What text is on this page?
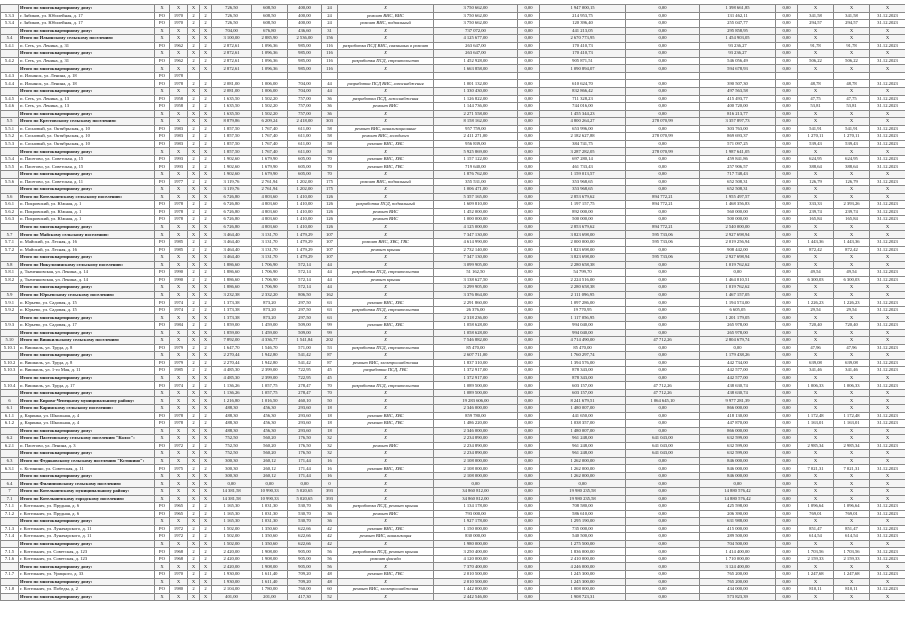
	Итого по многоквартирному дому:	X	X	X	X	726,50	608,50	400,00	24	X	3 750 662,00	0,00	1 947 000,15	0,00	1 398 661,85	0,00	X	X	X
5.3.3	г. Зябиков, ул. Юбилейная, д. 17	РО	1970	2	2	726,50	608,50	400,00	24	ремонт ВИС, ВИС	3 750 662,00	0,00	214 953,75	0,00	131 462,11	0,00	341,58	341,58	31.12.2023
5.3.4	г. Зябиков, ул. Юбилейная, д. 17	РО	1970	2	2	726,50	608,50	400,00	24	ремонт ВИС, подвальный	3 750 662,00	0,00	120 396,40	0,00	255 047,77	0,00	294,57	294,57	31.12.2023
	Итого по многоквартирному дому:	X	X	X	X	704,00	676,80	436,60	31	X	737 072,00	0,00	441 213,05	0,00	295 858,95	0,00	X	X	X
5.4	Итого по Ильинскому сельскому поселению:	X	X	X	X	3 100,00	2 885,90	2 536,00	156	X	4 125 677,00	0,00	2 670 773,95	0,00	1 454 903,05	0,00	X	X	X
5.4.1	п. Сеть, ул. Ленина, д. 31	РО	1962	2	2	2 872,61	1 096,36	985,00	116	разработка ПСД ВИС, связанных в ремонт	263 647,00	0,00	170 410,73	0,00	93 236,27	0,00	91,78	91,78	31.12.2023
	Итого по многоквартирному дому:	X	X	X	X	2 872,61	1 096,36	985,00	116	X	263 647,00	0,00	170 410,73	0,00	93 236,27	0,00	X	X	X
5.4.2	п. Сеть, ул. Ленина, д. 31	РО	1962	2	2	2 872,61	1 096,36	985,00	116	разработка ПСД, строительство	1 452 928,00	0,00	905 871,51	0,00	546 056,49	0,00	506,22	506,22	31.12.2023
	Итого по многоквартирному дому:	X	X	X	X	2 872,61	1 096,36	985,00	116	X	1 663 858,00	0,00	1 090 894,07	0,00	594 678,93	0,00	X	X	X
5.4.3	п. Ильинск, ул. Ленина, д. 18	РО	1978																
5.4.4	п. Ильинск, ул. Ленина, д. 18	РО	1978	2	2	2 081,00	1 006,00	704,00	44	разработка ПСД ВИС, газоснабжения	1 001 132,00	0,00	610 624,70	0,00	390 507,30	0,00	48,78	48,78	31.12.2023
	Итого по многоквартирному дому:	X	X	X	X	2 081,00	1 006,00	704,00	44	X	1 330 430,00	0,00	832 866,42	0,00	497 563,58	0,00	X	X	X
5.4.5	п. Сеть, ул. Ленина, д. 13	РО	1958	2	2	1 635,50	1 502,20	757,00	36	разработка ПСД, газоснабжения	1 126 822,00	0,00	711 328,23	0,00	415 493,77	0,00	47,75	47,75	31.12.2023
5.4.6	п. Сеть, ул. Ленина, д. 13	РО	1958	2	2	1 635,50	1 502,20	757,00	36	ремонт ВИС	1 144 736,00	0,00	744 016,00	0,00	400 720,00	0,00	53,81	53,81	31.12.2023
	Итого по многоквартирному дому:	X	X	X	X	1 635,50	1 502,20	757,00	36	X	2 271 558,00	0,00	1 455 344,23	0,00	816 213,77	0,00	X	X	X
5.5	Итого по Крестовскому сельскому поселению:	X	X	X	X	8 879,86	6 209,24	2 418,00	303	X	8 158 162,00	0,00	4 800 264,27	278 070,99	3 357 897,73	0,00	X	X	X
5.5.1	п. Сосновый, ул. Октябрьская, д. 10	РО	1983	2	2	1 857,50	1 767,40	611,00	58	ремонт ВИС, канализационные	957 759,00	0,00	653 996,00	0,00	303 763,00	0,00	541,91	541,91	31.12.2023
5.5.2	п. Сосновый, ул. Октябрьская, д. 10	РО	1983	2	2	1 857,50	1 767,40	611,00	58	ремонт ВИС, холодного	2 411 271,00	0,00	2 182 627,88	278 070,99	869 693,37	0,00	1 270,11	1 270,11	31.12.2023
5.5.3	п. Сосновый, ул. Октябрьская, д. 10	РО	1983	2	2	1 857,50	1 767,40	611,00	58	ремонт ВИС, ХВС	956 839,00	0,00	384 741,75	0,00	571 097,25	0,00	539,43	539,43	31.12.2023
	Итого по многоквартирному дому:	X	X	X	X	1 857,50	1 767,40	611,00	58	X	5 925 869,00	0,00	3 287 282,05	278 070,99	1 987 641,05	0,00	X	X	X
5.5.4	п. Пасегово, ул. Советская, д. 15	РО	1993	2	2	1 902,60	1 679,90	605,00	70	ремонт ВИС, ХВС	1 157 122,00	0,00	697 280,14	0,00	459 841,86	0,00	624,95	624,95	31.12.2023
5.5.5	п. Пасегово, ул. Советская, д. 15	РО	1993	2	2	1 902,60	1 679,90	605,00	70	ремонт ВИС, ГВС	719 640,00	0,00	461 733,43	0,00	257 906,57	0,00	388,64	388,64	31.12.2023
	Итого по многоквартирному дому:	X	X	X	X	1 902,60	1 679,90	605,00	70	X	1 876 762,00	0,00	1 159 013,57	0,00	717 748,43	0,00	X	X	X
5.5.6	п. Пасегово, ул. Советская, д. 11	РО	1977	2	2	3 119,76	2 761,94	1 202,00	175	ремонт ВИС, подвальный	355 531,00	0,00	353 968,65	0,00	652 508,31	0,00	126,79	126,79	31.12.2023
	Итого по многоквартирному дому:	X	X	X	X	3 119,76	2 761,94	1 202,00	175	X	1 006 471,00	0,00	353 968,65	0,00	652 508,31	0,00	X	X	X
5.6	Итого по Котельничскому сельскому поселению:	X	X	X	X	6 726,80	4 803,60	1 410,00	126	X	5 357 165,00	0,00	2 853 679,62	894 772,21	1 955 497,57	0,00	X	X	X
5.6.1	п. Покровский, ул. Южная, д. 1	РО	1978	2	2	6 726,80	4 803,60	1 410,00	126	разработка ПСД, подвальный	1 609 810,00	0,00	1 197 157,75	894 772,21	1 468 356,83	0,00	333,33	2 393,26	31.12.2023
5.6.2	п. Покровский, ул. Южная, д. 1	РО	1978	2	2	6 726,80	4 803,60	1 410,00	126	ремонт ВИС	1 452 000,00	0,00	892 000,00	0,00	560 000,00	0,00	239,74	239,74	31.12.2023
5.6.3	п. Покровский, ул. Южная, д. 1	РО	1978	2	2	6 726,80	4 803,60	1 410,00	126	ремонт ВИС	1 000 000,00	0,00	500 000,00	0,00	500 000,00	0,00	165,84	165,84	31.12.2023
	Итого по многоквартирному дому:	X	X	X	X	6 726,80	4 803,60	1 410,00	126	X	4 125 000,00	0,00	2 853 679,62	894 772,21	2 540 000,00	0,00	X	X	X
5.7	Итого по Майскому сельскому поселению:	X	X	X	X	3 464,40	3 131,70	1 479,29	107	X	7 347 130,00	0,00	3 823 698,00	595 733,06	2 927 698,94	0,00	X	X	X
5.7.1	п. Майский, ул. Лесная, д. 16	РО	1985	2	2	3 464,40	3 131,70	1 479,29	107	ремонт ВИС, ХВС, ГВС	4 614 990,00	0,00	2 000 000,00	595 733,06	2 019 256,94	0,00	1 443,36	1 443,36	31.12.2023
5.7.2	п. Майский, ул. Лесная, д. 16	РО	1985	2	2	3 464,40	3 131,70	1 479,29	107	ремонт крыши	2 732 140,00	0,00	1 823 698,00	0,00	908 442,00	0,00	872,42	872,42	31.12.2023
	Итого по многоквартирному дому:	X	X	X	X	3 464,40	3 131,70	1 479,29	107	X	7 347 130,00	0,00	3 823 698,00	595 733,06	2 927 698,94	0,00	X	X	X
5.8	Итого по Никульчинскому сельскому поселению:	X	X	X	X	1 886,60	1 706,90	572,14	44	X	3 099 905,00	0,00	2 280 658,38	0,00	1 019 762,62	0,00	X	X	X
5.8.1	д. Ткаченковская, ул. Ленина, д. 14	РО	1990	2	2	1 886,60	1 706,90	572,14	44	разработка ПСД, строительства	51 162,50	0,00	54 799,70	0,00	0,00	0,00	49,54	49,54	31.12.2023
5.8.2	д. Ткаченковская, ул. Ленина, д. 14	РО	1990	2	2	1 886,60	1 706,90	572,14	44	ремонт крыши	3 138 627,50	0,00	2 224 516,00	0,00	1 464 010,51	0,00	6 300,03	6 300,03	31.12.2023
	Итого по многоквартирному дому:	X	X	X	X	1 886,60	1 706,90	572,14	44	X	3 299 905,00	0,00	2 280 658,38	0,00	1 019 762,62	0,00	X	X	X
5.9	Итого по Юрьевскому сельскому поселению:	X	X	X	X	3 232,38	2 332,20	806,50	162	X	3 376 864,00	0,00	2 111 096,95	0,00	1 467 157,05	0,00	X	X	X
5.9.1	п. Юрьево, ул. Садовая, д. 15	РО	1974	2	2	1 373,38	873,20	297,50	63	ремонт ВИС, ХВС	2 291 860,00	0,00	1 097 286,00	0,00	1 194 574,00	0,00	1 226,23	1 226,23	31.12.2023
5.9.2	п. Юрьево, ул. Садовая, д. 15	РО	1974	2	2	1 373,38	873,20	297,50	63	разработка ПСД, строительства	26 376,00	0,00	19 770,95	0,00	6 605,05	0,00	29,54	29,54	31.12.2023
	Итого по многоквартирному дому:	X	X	X	X	1 373,38	873,20	297,50	63	X	2 318 236,00	0,00	1 117 056,95	0,00	1 201 179,05	0,00	X	X	X
5.9.3	п. Юрьево, ул. Садовая, д. 17	РО	1984	2	2	1 859,00	1 459,00	509,00	99	ремонт ВИС, ХВС	1 058 628,00	0,00	994 040,00	0,00	265 978,00	0,00	720,40	720,40	31.12.2023
	Итого по многоквартирному дому:	X	X	X	X	1 859,00	1 459,00	509,00	99	X	1 058 628,00	0,00	994 040,00	0,00	265 978,00	0,00	X	X	X
5.10	Итого по Вишкильскому сельскому поселению:	X	X	X	X	7 892,00	4 336,77	1 541,84	202	X	7 546 882,00	0,00	4 714 490,00	47 712,26	2 804 679,74	0,00	X	X	X
5.10.1	п. Вишкиль, ул. Труда, д. 8	РО	1979	2	2	1 647,70	1 546,70	571,00	53	разработка ПСД, строительства	85 470,00	0,00	85 470,00	0,00	0,00	0,00	47,96	47,96	31.12.2023
	Итого по многоквартирному дому:	X	X	X	X	2 270,44	1 942,80	541,42	87	X	2 607 711,00	0,00	1 760 297,74	0,00	1 179 438,26	0,00	X	X	X
5.10.2	п. Вишкиль, ул. Труда, д. 8	РО	1979	2	2	2 270,44	1 942,80	541,42	87	ремонт ВИС, электроснабжения	1 837 310,00	0,00	1 394 576,00	0,00	442 734,00	0,00	639,08	639,08	31.12.2023
5.10.3	п. Вишкиль, ул. 1-го Мая, д. 11	РО	1985	2	2	4 485,30	2 399,00	722,95	45	разработка ПСД, ГВС	1 372 917,00	0,00	878 343,00	0,00	442 577,00	0,00	341,46	341,46	31.12.2023
	Итого по многоквартирному дому:	X	X	X	X	4 485,30	2 399,00	722,95	45	X	1 372 917,00	0,00	878 343,00	0,00	442 577,00	0,00	X	X	X
5.10.4	п. Вишкиль, ул. Труда, д. 17	РО	1974	2	2	1 136,26	1 057,75	278,47	70	разработка ПСД, строительства	1 089 500,00	0,00	603 157,00	47 712,26	438 630,74	0,00	1 006,33	1 006,33	31.12.2023
	Итого по многоквартирному дому:	X	X	X	X	1 136,26	1 057,75	278,47	70	X	1 089 500,00	0,00	603 157,00	47 712,26	438 630,74	0,00	X	X	X
6	Итого по Кирово-Чепецкому муниципальному району:	X	X	X	X	1 216,80	1 016,50	460,10	50	X	19 283 606,00	0,00	8 241 679,51	1 064 645,10	9 977 281,39	0,00	X	X	X
6.1	Итого по Каринскому сельскому поселению:	X	X	X	X	488,30	456,30	293,60	18	X	2 346 000,00	0,00	1 480 007,00	0,00	866 000,00	0,00	X	X	X
6.1.1	д. Каринка, ул. Школьная, д. 4	РО	1978	2	2	488,30	456,30	293,60	18	ремонт ВИС, ХВС	859 780,00	0,00	441 650,00	0,00	418 130,00	0,00	1 172,48	1 172,48	31.12.2023
6.1.2	д. Каринка, ул. Школьная, д. 4	РО	1978	2	2	488,30	456,30	293,60	18	ремонт ВИС, ГВС	1 486 220,00	0,00	1 038 357,00	0,00	447 870,00	0,00	1 163,01	1 163,01	31.12.2023
	Итого по многоквартирному дому:	X	X	X	X	488,30	456,30	293,60	18	X	2 346 000,00	0,00	1 480 007,00	0,00	866 000,00	0,00	X	X	X
6.2	Итого по Пасеговскому сельскому поселению "Колос":	X	X	X	X	752,50	560,20	176,50	32	X	2 234 890,00	0,00	961 248,00	641 043,00	632 599,00	0,00	X	X	X
6.2.1	п. Пасегово, ул. Ленина, д. 3	РО	1972	2	2	752,50	560,20	176,50	32	ремонт ВИС	2 234 890,00	0,00	961 248,00	641 043,00	632 599,00	0,00	2 985,34	2 985,34	31.12.2023
	Итого по многоквартирному дому:	X	X	X	X	752,50	560,20	176,50	32	X	2 234 890,00	0,00	961 248,00	641 043,00	632 599,00	0,00	X	X	X
6.3	Итого по Федяковскому сельскому поселению "Кстинино":	X	X	X	X	300,30	260,12	171,44	16	X	2 108 000,00	0,00	1 262 000,00	0,00	846 000,00	0,00	X	X	X
6.3.1	с. Кстинино, ул. Советская, д. 11	РО	1975	2	2	300,30	260,12	171,44	16	ремонт ВИС, ХВС	2 108 000,00	0,00	1 262 000,00	0,00	846 000,00	0,00	7 021,31	7 021,31	31.12.2023
	Итого по многоквартирному дому:	X	X	X	X	300,30	260,12	171,44	16	X	2 108 000,00	0,00	1 262 000,00	0,00	846 000,00	0,00	X	X	X
6.4	Итого по Филипповскому сельскому поселению:	X	X	X	X	0,00	0,00	0,00	0	X	0,00	0,00	0,00	0,00	0,00	0,00	X	X	X
7	Итого по Котельничскому муниципальному району:	X	X	X	X	14 381,58	10 990,33	5 020,65	393	X	34 860 812,00	0,00	19 980 235,58	0,00	14 880 576,42	0,00	X	X	X
7.1	Итого по Котельничскому городскому поселению:	X	X	X	X	14 381,58	10 990,33	5 020,65	393	X	34 860 812,00	0,00	19 980 235,58	0,00	14 880 576,42	0,00	X	X	X
7.1.1	г. Котельнич, ул. Прудная, д. 6	РО	1965	2	2	1 165,30	1 031,30	530,70	36	разработка ПСД, ремонт крыши	1 134 178,00	0,00	708 580,00	0,00	425 598,00	0,00	1 096,64	1 096,64	31.12.2023
7.1.2	г. Котельнич, ул. Прудная, д. 6	РО	1965	2	2	1 165,30	1 031,30	530,70	36	ремонт ВИС	793 000,00	0,00	586 610,00	0,00	206 390,00	0,00	769,01	769,01	31.12.2023
	Итого по многоквартирному дому:	X	X	X	X	1 165,30	1 031,30	530,70	36	X	1 927 178,00	0,00	1 295 190,00	0,00	631 988,00	0,00	X	X	X
7.1.3	г. Котельнич, ул. Луначарского, д. 11	РО	1972	2	2	1 502,00	1 350,60	622,66	42	ремонт ВИС, ХВС	1 150 000,00	0,00	735 000,00	0,00	415 000,00	0,00	851,47	851,47	31.12.2023
7.1.4	г. Котельнич, ул. Луначарского, д. 11	РО	1972	2	2	1 502,00	1 350,60	622,66	42	ремонт ВИС, канализация	830 000,00	0,00	540 500,00	0,00	289 500,00	0,00	614,54	614,54	31.12.2023
	Итого по многоквартирному дому:	X	X	X	X	1 502,00	1 350,60	622,66	42	X	1 980 000,00	0,00	1 275 500,00	0,00	704 500,00	0,00	X	X	X
7.1.5	г. Котельнич, ул. Советская, д. 123	РО	1968	2	2	2 420,00	1 908,00	905,00	56	разработка ПСД, ремонт крыши	3 250 400,00	0,00	1 836 000,00	0,00	1 414 400,00	0,00	1 703,56	1 703,56	31.12.2023
7.1.6	г. Котельнич, ул. Советская, д. 123	РО	1968	2	2	2 420,00	1 908,00	905,00	56	ремонт фасада	4 120 000,00	0,00	2 410 000,00	0,00	1 710 000,00	0,00	2 159,33	2 159,33	31.12.2023
	Итого по многоквартирному дому:	X	X	X	X	2 420,00	1 908,00	905,00	56	X	7 370 400,00	0,00	4 246 000,00	0,00	3 124 400,00	0,00	X	X	X
7.1.7	г. Котельнич, ул. Урицкого, д. 33	РО	1970	2	2	1 930,00	1 611,40	709,20	48	ремонт ВИС, ГВС	2 010 500,00	0,00	1 245 300,00	0,00	765 200,00	0,00	1 247,68	1 247,68	31.12.2023
	Итого по многоквартирному дому:	X	X	X	X	1 930,00	1 611,40	709,20	48	X	2 010 500,00	0,00	1 245 300,00	0,00	765 200,00	0,00	X	X	X
7.1.8	г. Котельнич, ул. Победы, д. 2	РО	1980	2	2	2 104,00	1 780,00	760,00	60	ремонт ВИС, электроснабжения	1 442 000,00	0,00	1 008 000,00	0,00	434 000,00	0,00	810,11	810,11	31.12.2023
	Итого по многоквартирному дому:	X	X	X	X	401,00	201,00	417,30	52	X	2 442 546,00	0,00	1 908 723,31	0,00	573 823,39	0,00	X	X	X
